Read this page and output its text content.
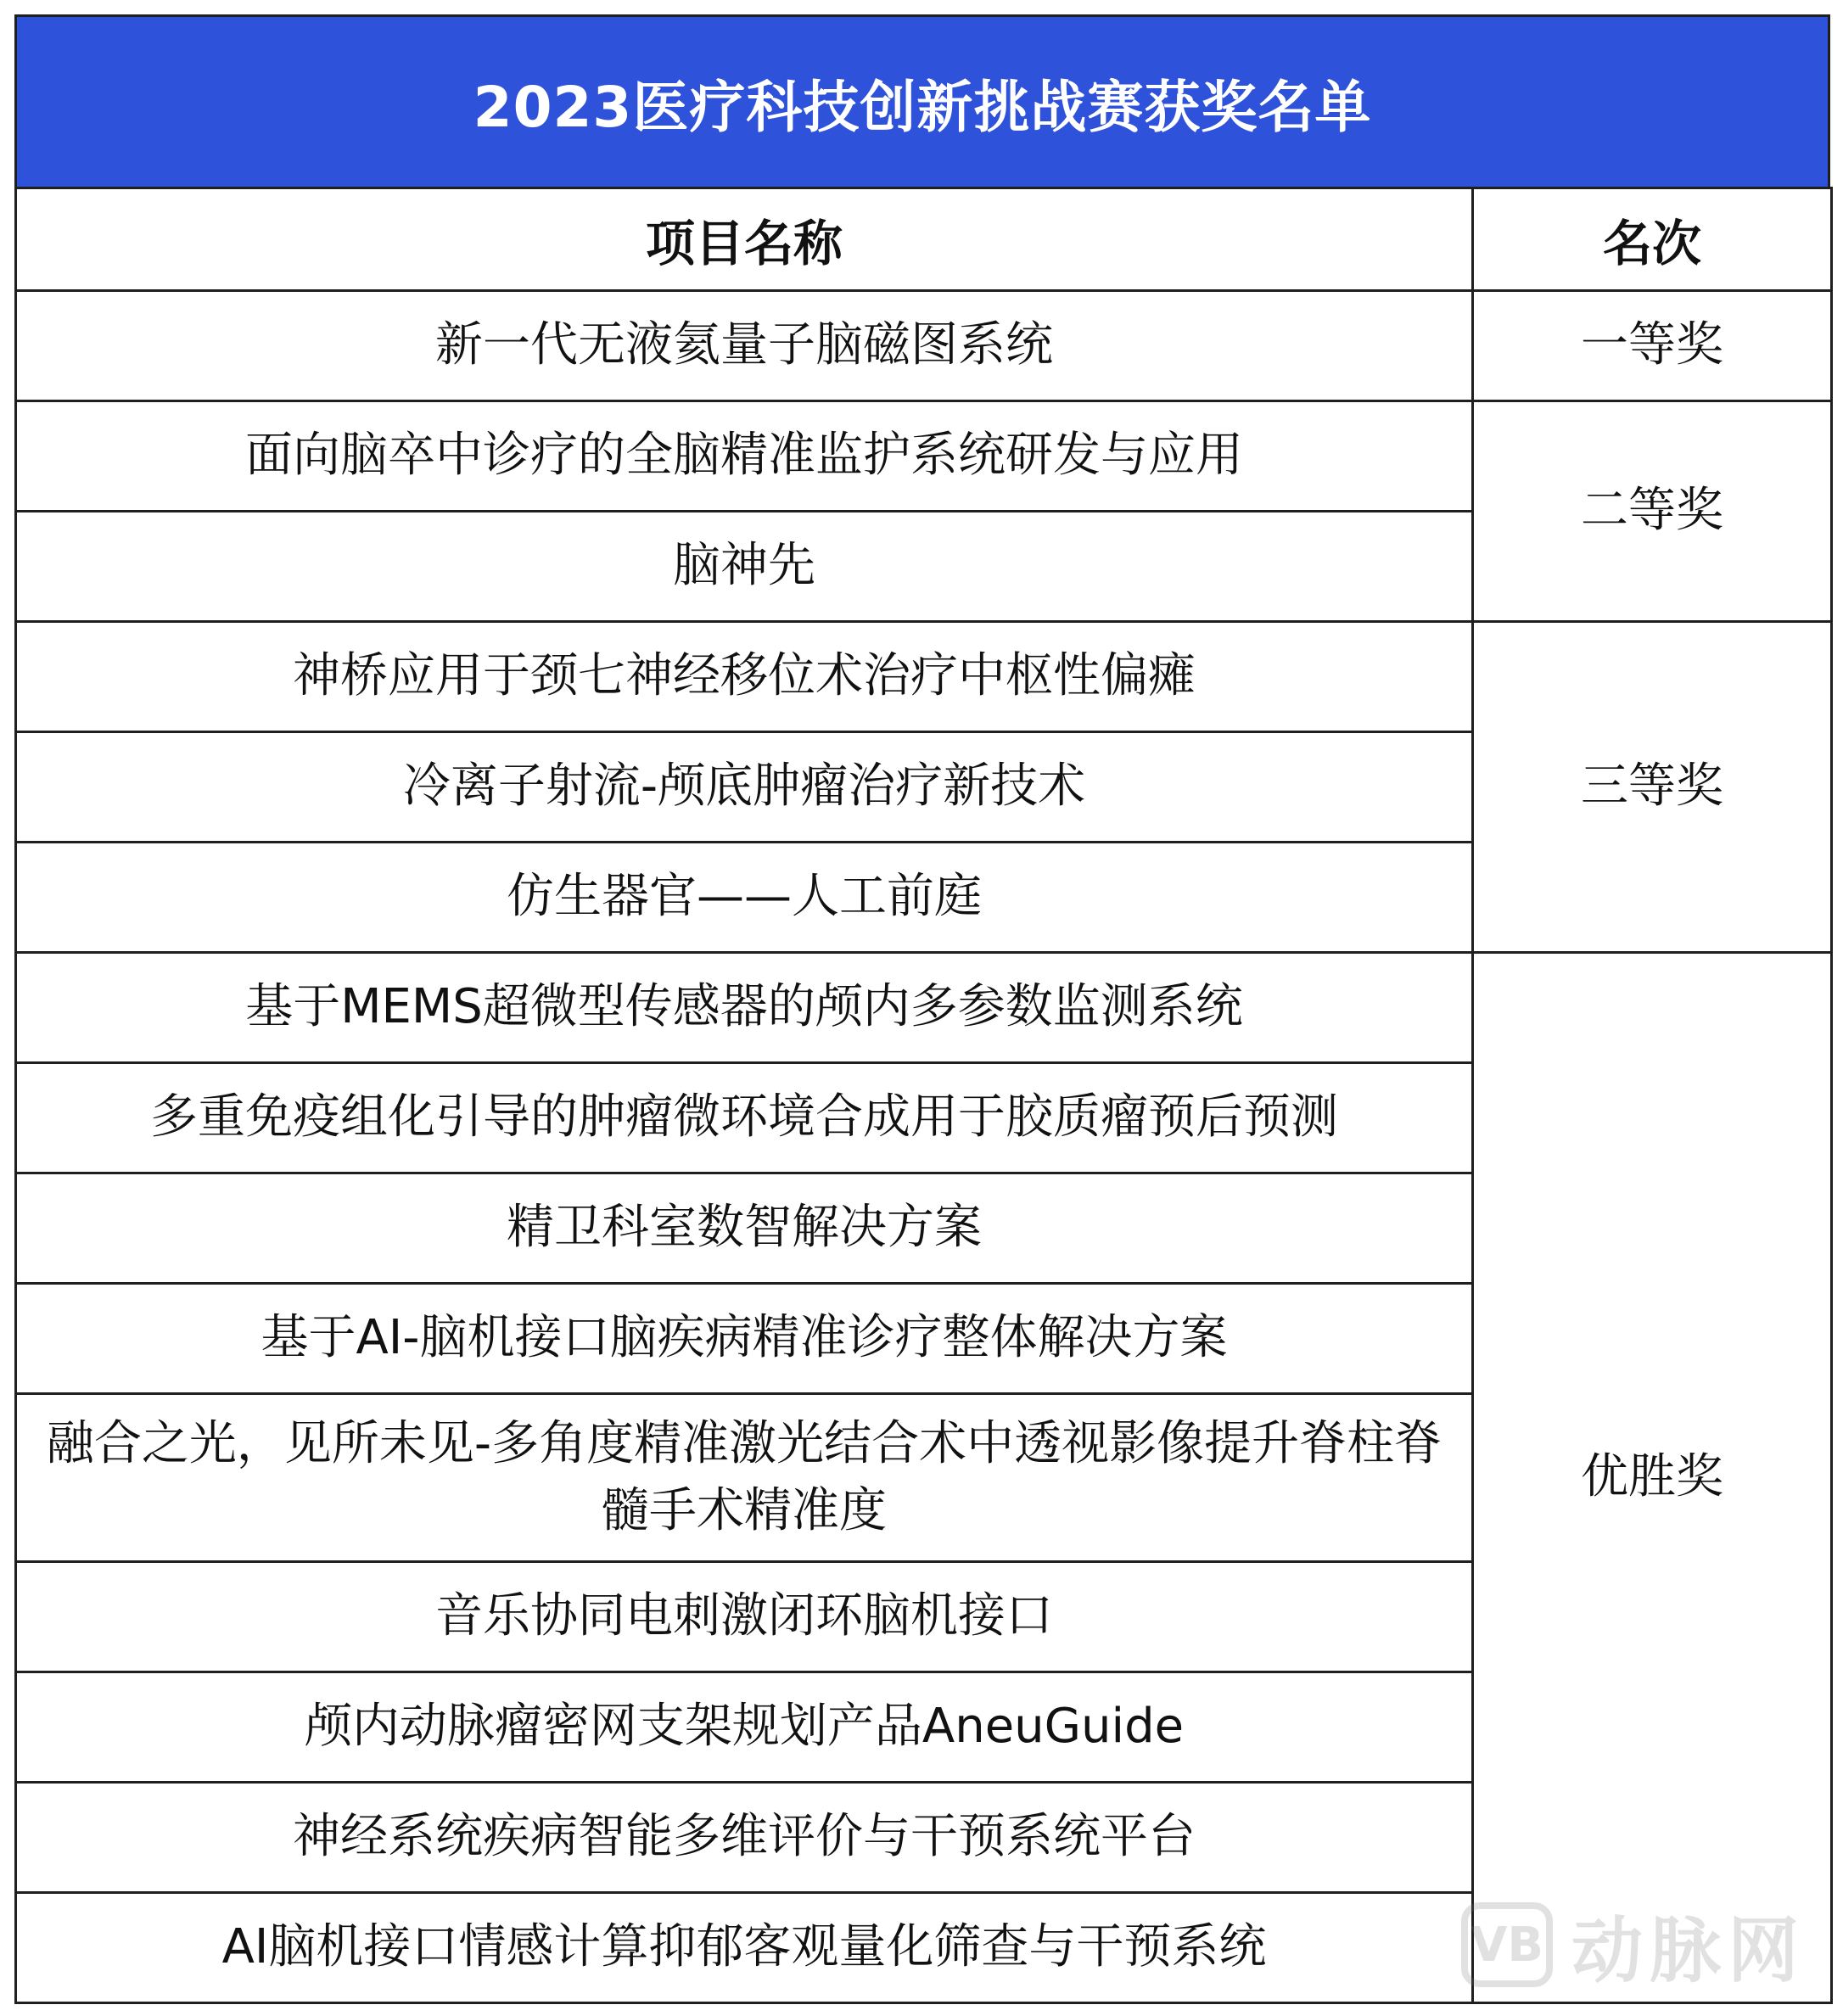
2023医疗科技创新挑战赛获奖名单
项目名称	名次
新一代无液氦量子脑磁图系统	一等奖
面向脑卒中诊疗的全脑精准监护系统研发与应用	二等奖
脑神先	
神桥应用于颈七神经移位术治疗中枢性偏瘫	三等奖
冷离子射流-颅底肿瘤治疗新技术	
仿生器官——人工前庭	
基于MEMS超微型传感器的颅内多参数监测系统	优胜奖
多重免疫组化引导的肿瘤微环境合成用于胶质瘤预后预测	
精卫科室数智解决方案	
基于AI-脑机接口脑疾病精准诊疗整体解决方案	
融合之光，见所未见-多角度精准激光结合术中透视影像提升脊柱脊髓手术精准度	
音乐协同电刺激闭环脑机接口	
颅内动脉瘤密网支架规划产品AneuGuide	
神经系统疾病智能多维评价与干预系统平台	
AI脑机接口情感计算抑郁客观量化筛查与干预系统		VB 动脉网
